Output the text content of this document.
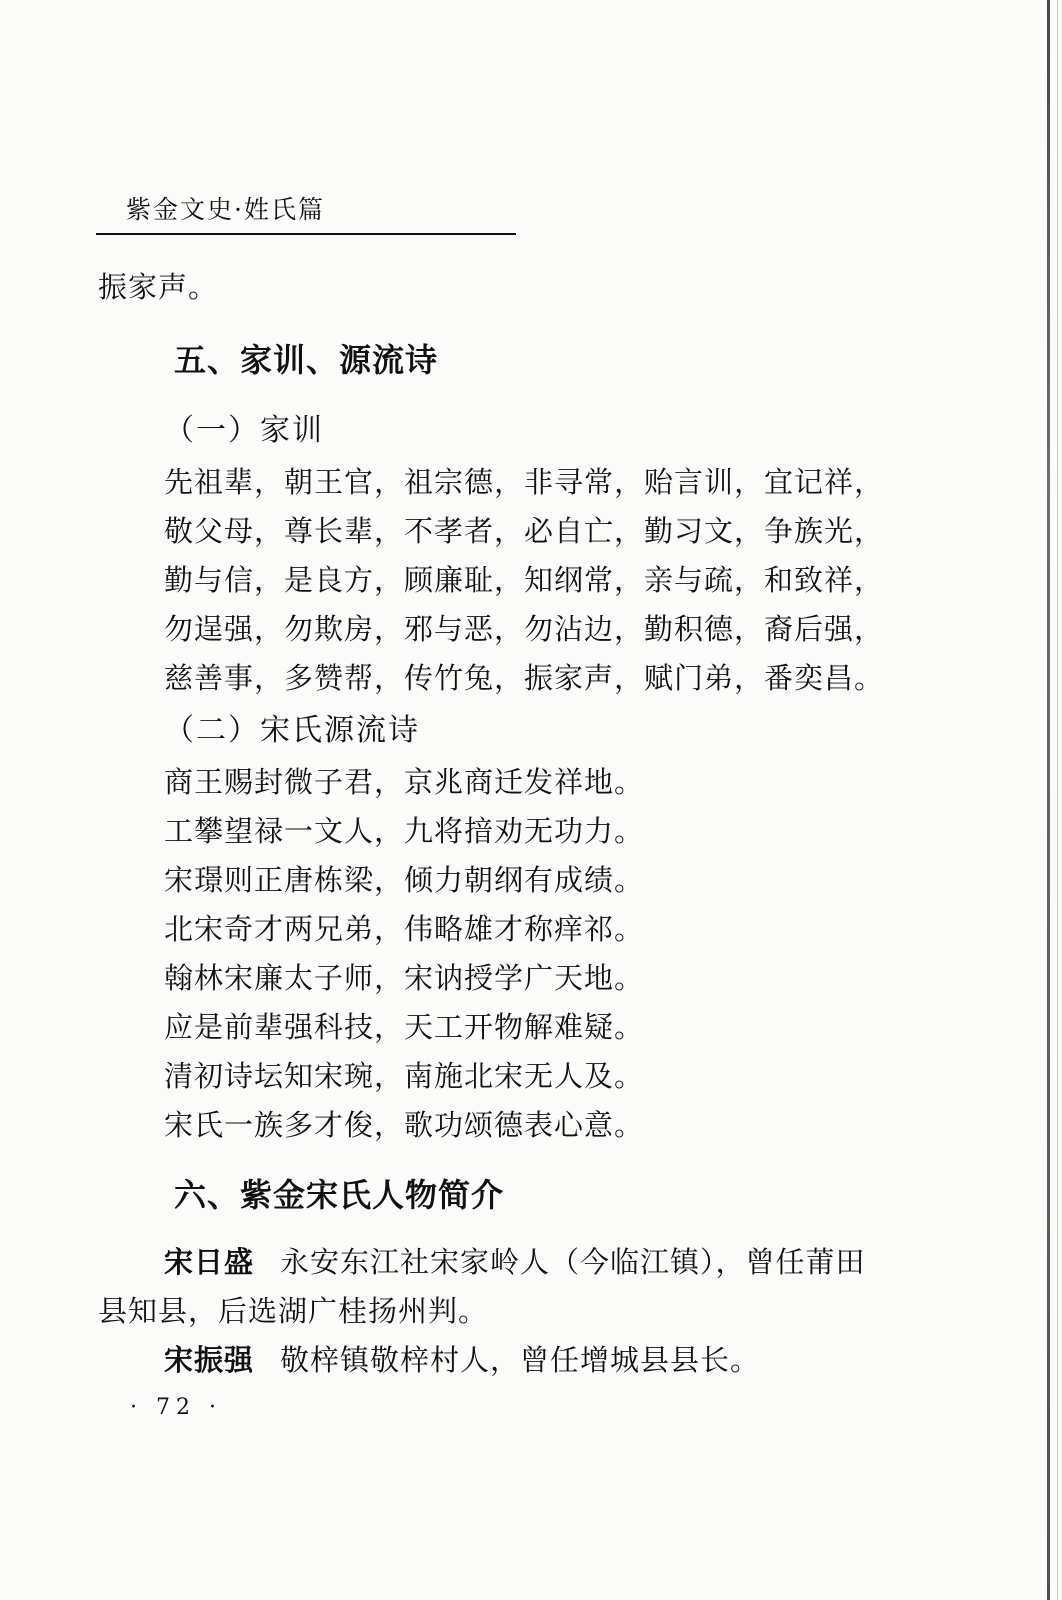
紫金文史·姓氏篇
振家声。
五、家训、源流诗
（一）家训
先祖辈，朝王官，祖宗德，非寻常，贻言训，宜记祥，
敬父母，尊长辈，不孝者，必自亡，勤习文，争族光，
勤与信，是良方，顾廉耻，知纲常，亲与疏，和致祥，
勿逞强，勿欺房，邪与恶，勿沾边，勤积德，裔后强，
慈善事，多赞帮，传竹兔，振家声，赋门弟，番奕昌。
（二）宋氏源流诗
商王赐封微子君，京兆商迁发祥地。
工攀望禄一文人，九将揞劝无功力。
宋璟则正唐栋梁，倾力朝纲有成绩。
北宋奇才两兄弟，伟略雄才称痒祁。
翰林宋廉太子师，宋讷授学广天地。
应是前辈强科技，天工开物解难疑。
清初诗坛知宋琬，南施北宋无人及。
宋氏一族多才俊，歌功颂德表心意。
六、紫金宋氏人物简介
宋日盛 永安东江社宋家岭人（今临江镇），曾任莆田
县知县，后选湖广桂扬州判。
宋振强 敬梓镇敬梓村人，曾任增城县县长。
· 72 ·
